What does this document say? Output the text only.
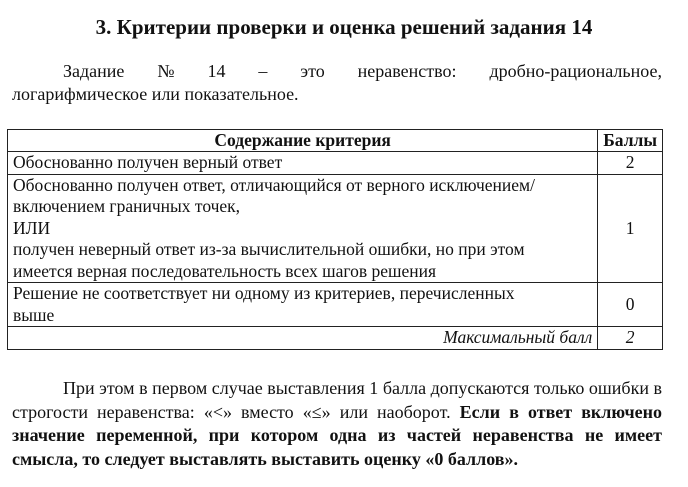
3. Критерии проверки и оценка решений задания 14
Задание № 14 – это неравенство: дробно-рациональное,
логарифмическое или показательное.
Содержание критерия	Баллы

Обоснованно получен верный ответ	2

Обоснованно получен ответ, отличающийся от верного исключением/
включением граничных точек,
ИЛИ
получен неверный ответ из-за вычислительной ошибки, но при этом
имеется верная последовательность всех шагов решения	1

Решение не соответствует ни одному из критериев, перечисленных
выше	0
Максимальный балл	2
При этом в первом случае выставления 1 балла допускаются только ошибки в строгости неравенства: «<» вместо «≤» или наоборот. Если в ответ включено значение переменной, при котором одна из частей неравенства не имеет смысла, то следует выставлять выставить оценку «0 баллов».
